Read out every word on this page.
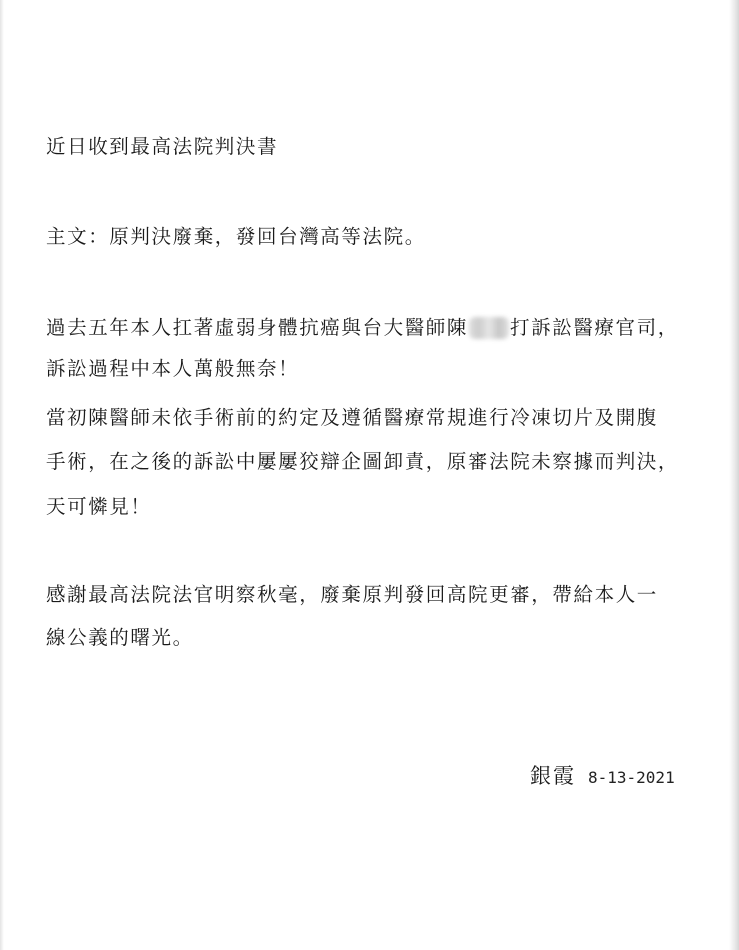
近日收到最高法院判決書
主文：原判決廢棄，發回台灣高等法院。
過去五年本人扛著虛弱身體抗癌與台大醫師陳 打訴訟醫療官司，
訴訟過程中本人萬般無奈！
當初陳醫師未依手術前的約定及遵循醫療常規進行冷凍切片及開腹
手術，在之後的訴訟中屢屢狡辯企圖卸責，原審法院未察據而判決，
天可憐見！
感謝最高法院法官明察秋毫，廢棄原判發回高院更審，帶給本人一
線公義的曙光。
銀霞 8-13-2021
